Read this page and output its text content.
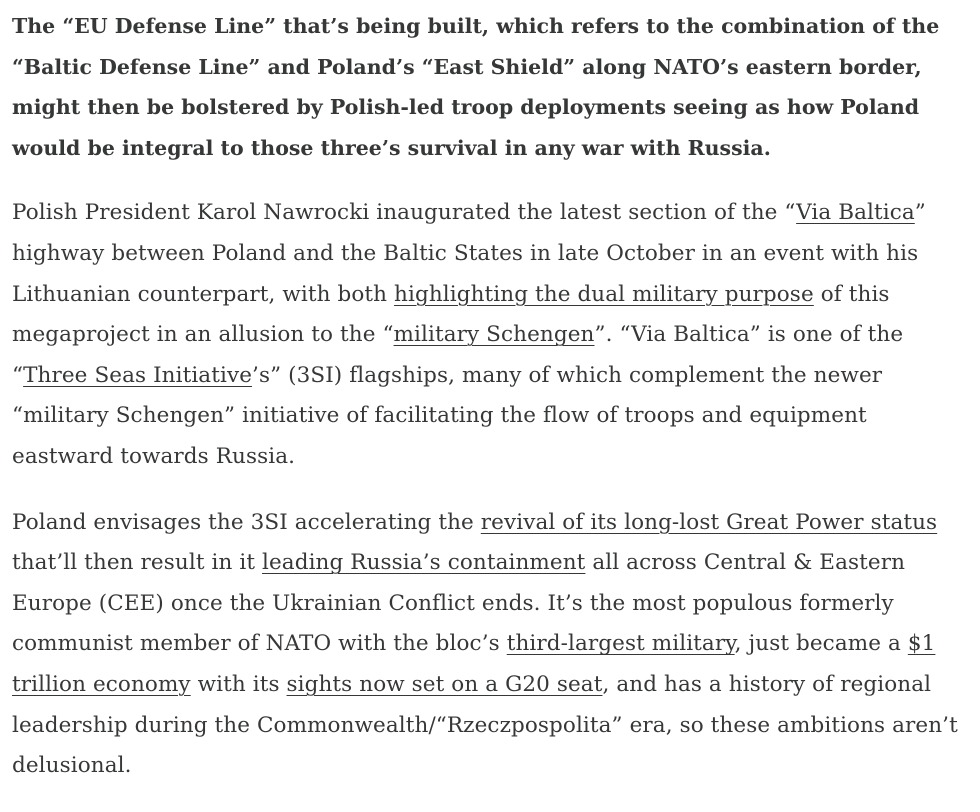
The “EU Defense Line” that’s being built, which refers to the combination of the “Baltic Defense Line” and Poland’s “East Shield” along NATO’s eastern border, might then be bolstered by Polish-led troop deployments seeing as how Poland would be integral to those three’s survival in any war with Russia.

Polish President Karol Nawrocki inaugurated the latest section of the “Via Baltica” highway between Poland and the Baltic States in late October in an event with his Lithuanian counterpart, with both highlighting the dual military purpose of this megaproject in an allusion to the “military Schengen”. “Via Baltica” is one of the “Three Seas Initiative’s” (3SI) flagships, many of which complement the newer “military Schengen” initiative of facilitating the flow of troops and equipment eastward towards Russia.

Poland envisages the 3SI accelerating the revival of its long-lost Great Power status that’ll then result in it leading Russia’s containment all across Central & Eastern Europe (CEE) once the Ukrainian Conflict ends. It’s the most populous formerly communist member of NATO with the bloc’s third-largest military, just became a $1 trillion economy with its sights now set on a G20 seat, and has a history of regional leadership during the Commonwealth/“Rzeczpospolita” era, so these ambitions aren’t delusional.
